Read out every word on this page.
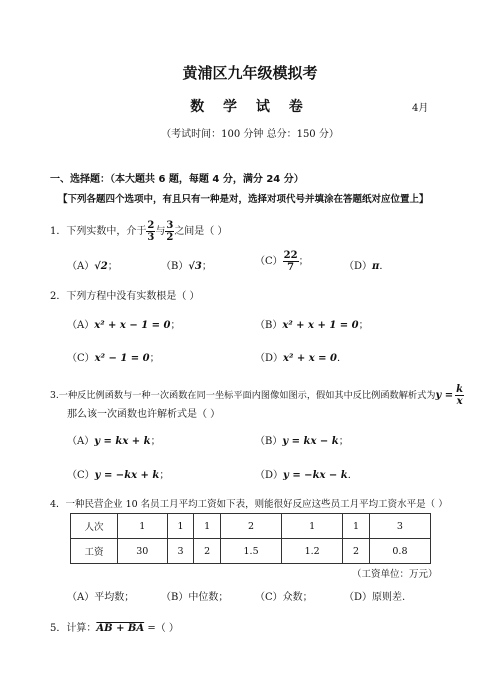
黄浦区九年级模拟考
数 学 试 卷	4月
（考试时间：100 分钟 总分：150 分）
一、选择题：（本大题共 6 题，每题 4 分，满分 24 分）
【下列各题四个选项中，有且只有一种是对，选择对项代号并填涂在答题纸对应位置上】
1．下列实数中，介于 $\frac{2}{3}$ 与 $\frac{3}{2}$ 之间是（ ）
（A）√2；	（B）√3；	$(C) \frac{22}{7}$ ；	（D）π．
2．下列方程中没有实数根是（ ）
（A）x² + x − 1 = 0；	（B）x² + x + 1 = 0；
（C）x² − 1 = 0；	（D）x² + x = 0．
3.一种反比例函数与一种一次函数在同一坐标平面内图像如图示，假如其中反比例函数解析式为$y = \frac{k}{x}$
那么该一次函数也许解析式是（ ）
（A）y = kx + k；	（B）y = kx − k；
（C）y = −kx + k；	（D）y = −kx − k．
4．一种民营企业 10 名员工月平均工资如下表，则能很好反应这些员工月平均工资水平是（ ）
人次	1	1	1	2	1	1	3
工资	30	3	2	1.5	1.2	2	0.8
（工资单位：万元）
（A）平均数；	（B）中位数；	（C）众数；	（D）原则差.
5．计算：AB + BA =（ ）
